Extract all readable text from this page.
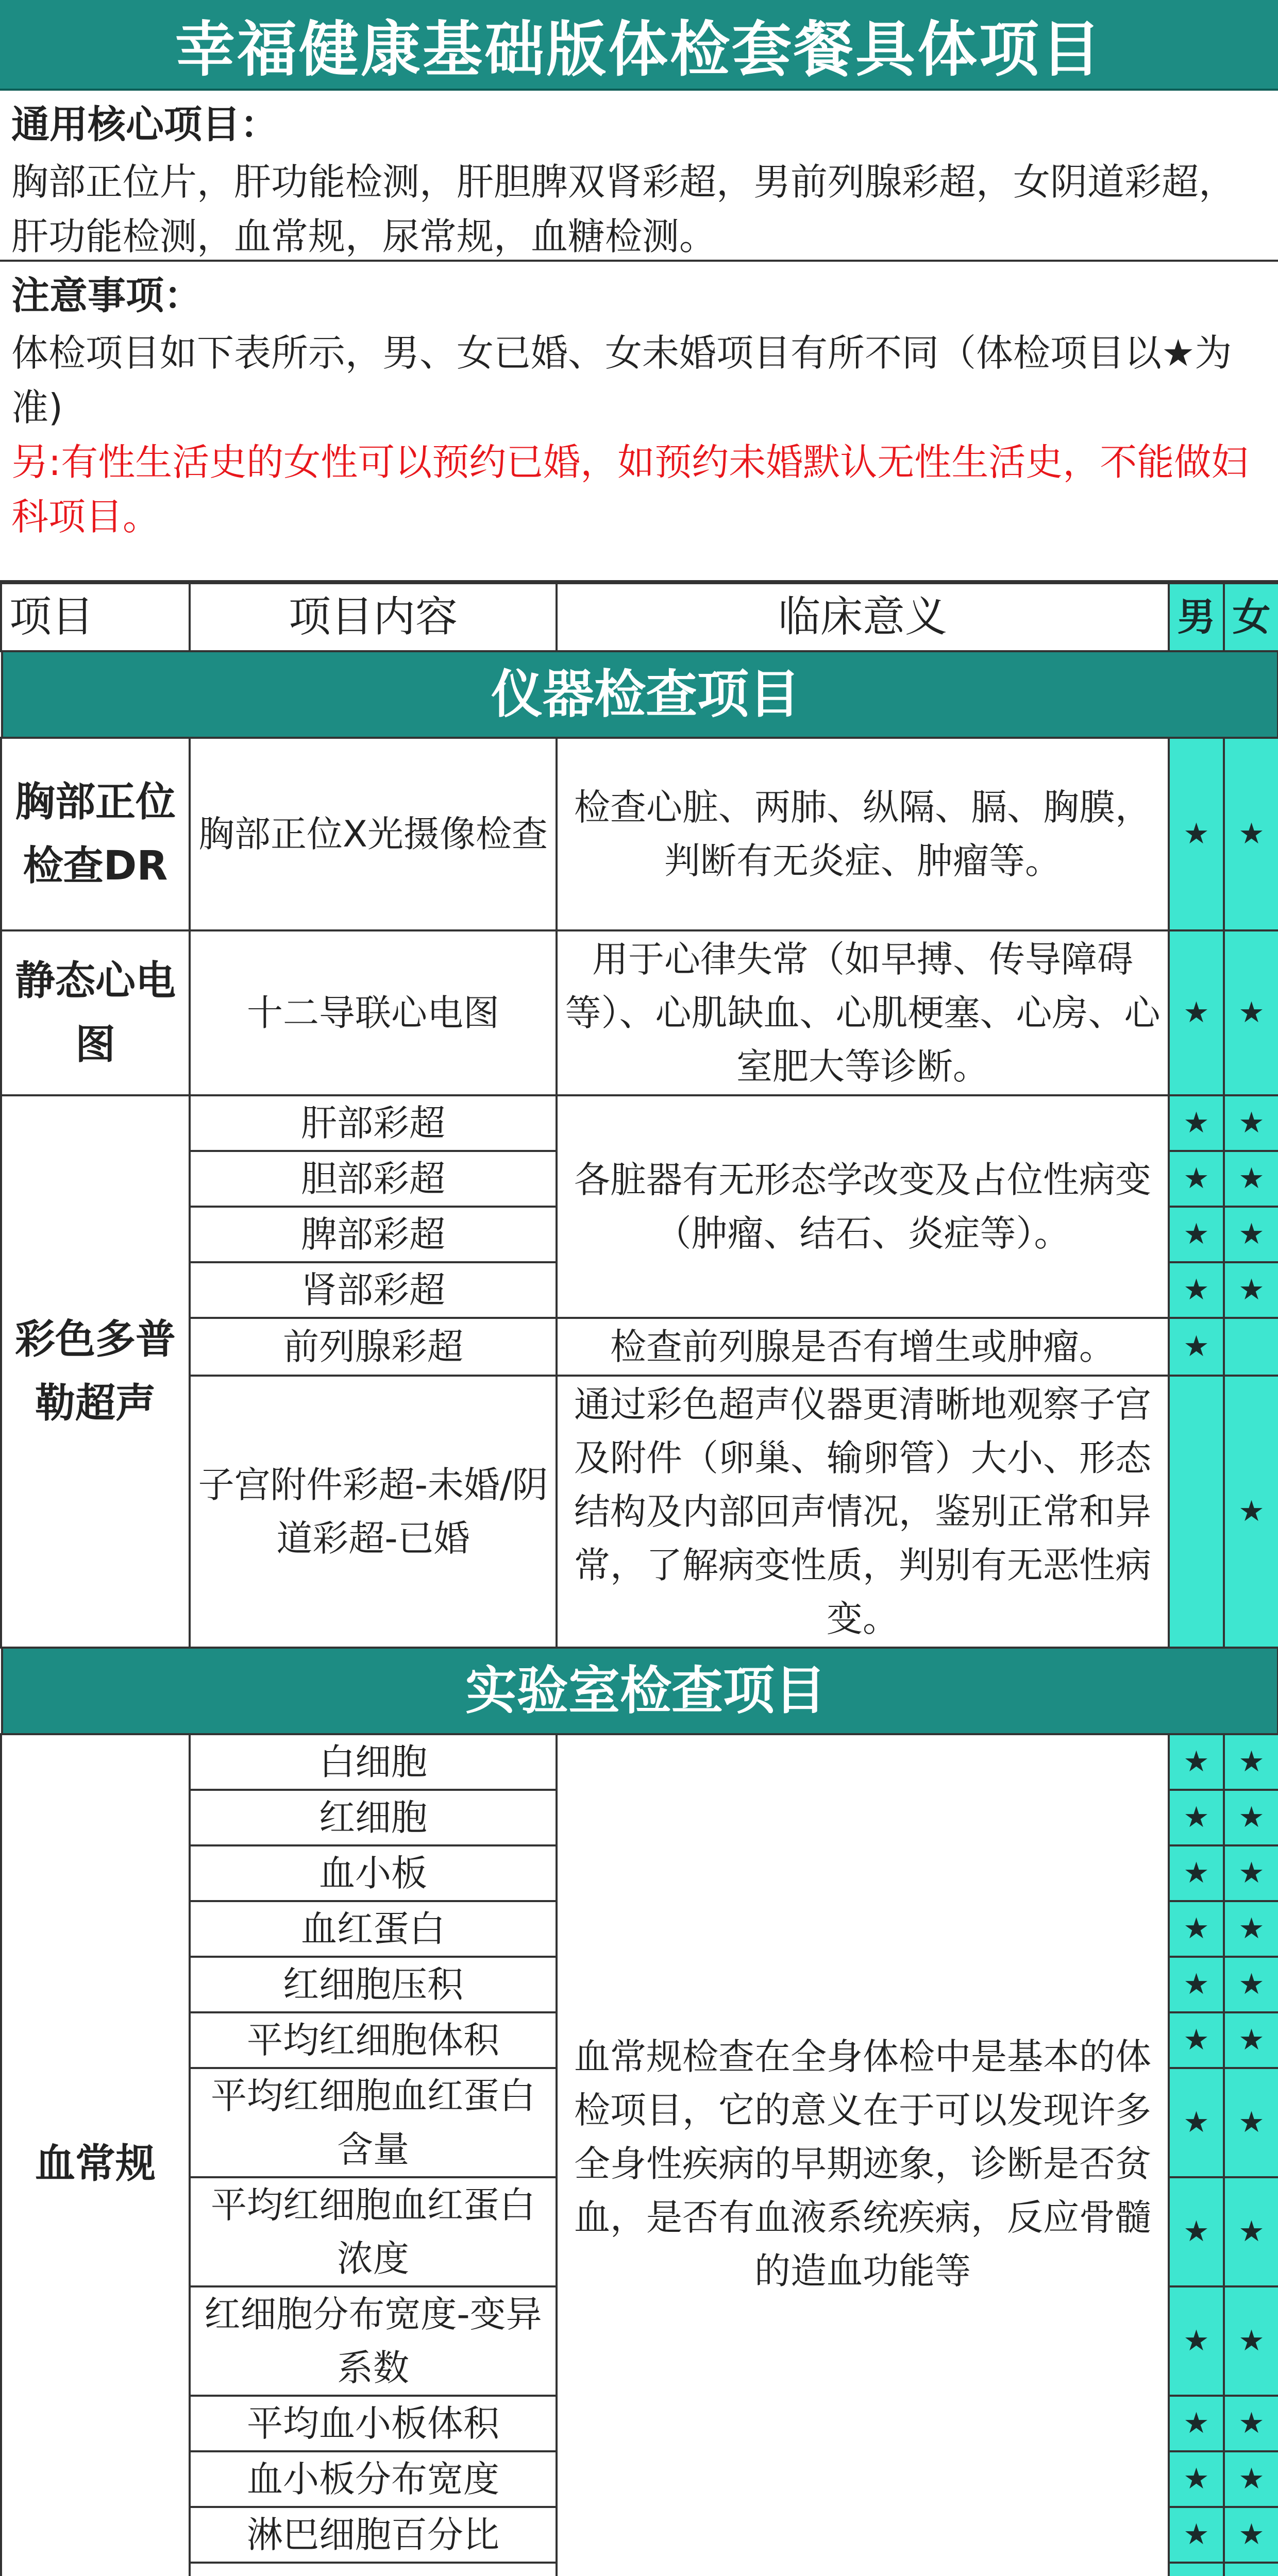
幸福健康基础版体检套餐具体项目
通用核心项目：
胸部正位片，肝功能检测，肝胆脾双肾彩超，男前列腺彩超，女阴道彩超，肝功能检测，血常规，尿常规，血糖检测。
注意事项：
体检项目如下表所示，男、女已婚、女未婚项目有所不同（体检项目以★为准)
另:有性生活史的女性可以预约已婚，如预约未婚默认无性生活史，不能做妇科项目。
项目	项目内容	临床意义	男	女

仪器检查项目				

胸部正位检查DR	胸部正位X光摄像检查	检查心脏、两肺、纵隔、膈、胸膜，判断有无炎症、肿瘤等。	★	★
静态心电图	十二导联心电图	用于心律失常（如早搏、传导障碍等）、心肌缺血、心肌梗塞、心房、心室肥大等诊断。	★	★
彩色多普勒超声	肝部彩超	各脏器有无形态学改变及占位性病变（肿瘤、结石、炎症等）。	★	★
	胆部彩超		★	★
	脾部彩超		★	★
	肾部彩超		★	★
	前列腺彩超	检查前列腺是否有增生或肿瘤。	★	
	子宫附件彩超-未婚/阴道彩超-已婚	通过彩色超声仪器更清晰地观察子宫及附件（卵巢、输卵管）大小、形态结构及内部回声情况，鉴别正常和异常，了解病变性质，判别有无恶性病变。		★

实验室检查项目				

血常规	白细胞	血常规检查在全身体检中是基本的体检项目，它的意义在于可以发现许多全身性疾病的早期迹象，诊断是否贫血，是否有血液系统疾病，反应骨髓的造血功能等	★	★
	红细胞		★	★
	血小板		★	★
	血红蛋白		★	★
	红细胞压积		★	★
	平均红细胞体积		★	★
	平均红细胞血红蛋白含量		★	★
	平均红细胞血红蛋白浓度		★	★
	红细胞分布宽度-变异系数		★	★
	平均血小板体积		★	★
	血小板分布宽度		★	★
	淋巴细胞百分比		★	★
